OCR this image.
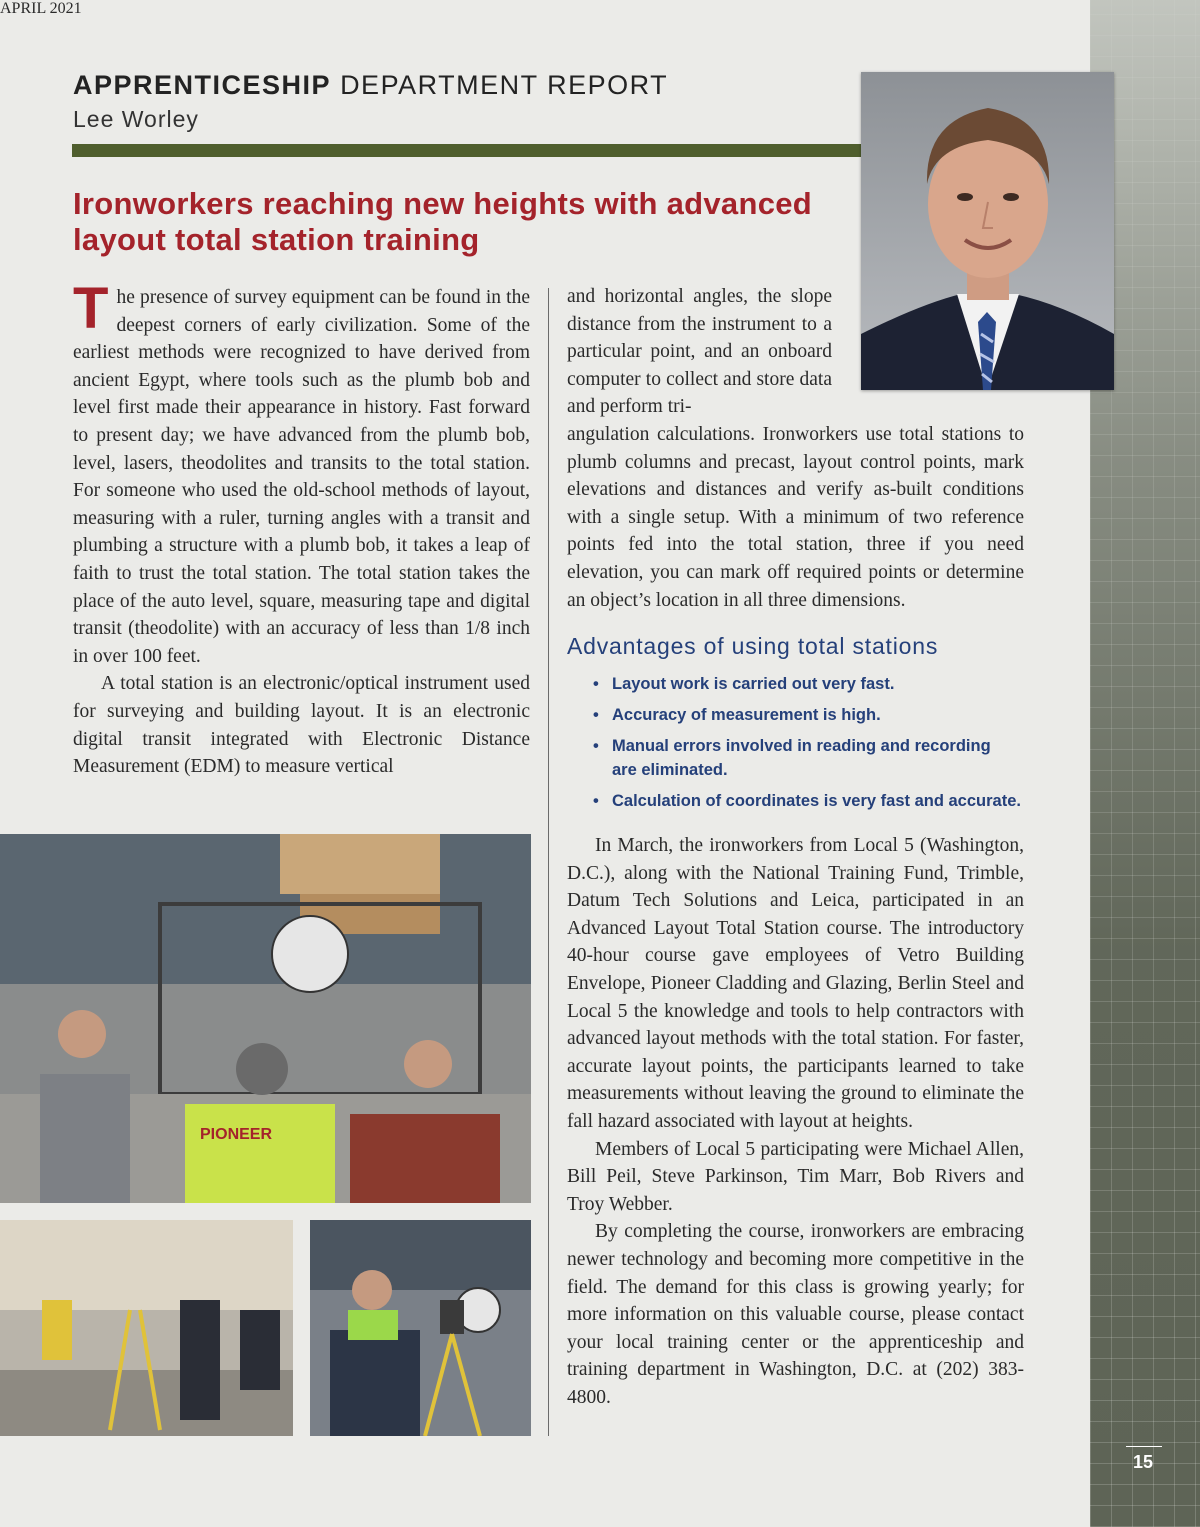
APRIL 2021
15
APPRENTICESHIP DEPARTMENT REPORT
Lee Worley
Ironworkers reaching new heights with advanced layout total station training

The presence of survey equipment can be found in the deepest corners of early civilization. Some of the earliest methods were recognized to have derived from ancient Egypt, where tools such as the plumb bob and level first made their appearance in history. Fast forward to present day; we have advanced from the plumb bob, level, lasers, theodolites and transits to the total station. For someone who used the old-school methods of layout, measuring with a ruler, turning angles with a transit and plumbing a structure with a plumb bob, it takes a leap of faith to trust the total station. The total station takes the place of the auto level, square, measuring tape and digital transit (theodolite) with an accuracy of less than 1/8 inch in over 100 feet.

A total station is an electronic/optical instrument used for surveying and building layout. It is an electronic digital transit integrated with Electronic Distance Measurement (EDM) to measure vertical

and horizontal angles, the slope distance from the instrument to a particular point, and an onboard computer to collect and store data and perform tri-

angulation calculations. Ironworkers use total stations to plumb columns and precast, layout control points, mark elevations and distances and verify as-built conditions with a single setup. With a minimum of two reference points fed into the total station, three if you need elevation, you can mark off required points or determine an object’s location in all three dimensions.

Advantages of using total stations
• Layout work is carried out very fast.
• Accuracy of measurement is high.
• Manual errors involved in reading and recording are eliminated.
• Calculation of coordinates is very fast and accurate.

In March, the ironworkers from Local 5 (Washington, D.C.), along with the National Training Fund, Trimble, Datum Tech Solutions and Leica, participated in an Advanced Layout Total Station course. The introductory 40-hour course gave employees of Vetro Building Envelope, Pioneer Cladding and Glazing, Berlin Steel and Local 5 the knowledge and tools to help contractors with advanced layout methods with the total station. For faster, accurate layout points, the participants learned to take measurements without leaving the ground to eliminate the fall hazard associated with layout at heights.

Members of Local 5 participating were Michael Allen, Bill Peil, Steve Parkinson, Tim Marr, Bob Rivers and Troy Webber.

By completing the course, ironworkers are embracing newer technology and becoming more competitive in the field. The demand for this class is growing yearly; for more information on this valuable course, please contact your local training center or the apprenticeship and training department in Washington, D.C. at (202) 383-4800.

PIONEER
